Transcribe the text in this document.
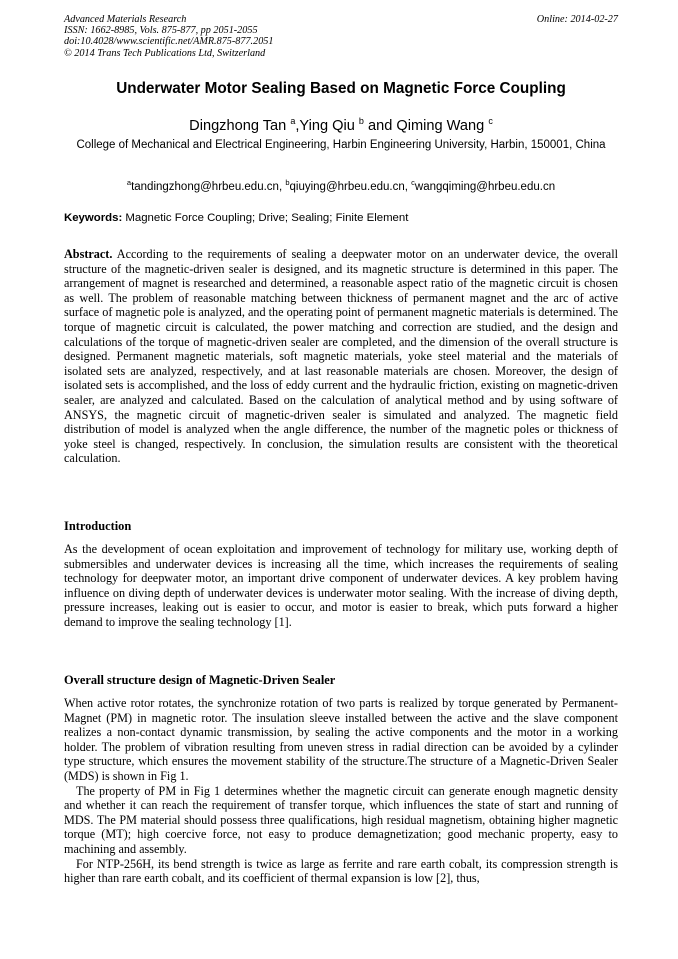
Advanced Materials Research
ISSN: 1662-8985, Vols. 875-877, pp 2051-2055
doi:10.4028/www.scientific.net/AMR.875-877.2051
© 2014 Trans Tech Publications Ltd, Switzerland
Online: 2014-02-27
Underwater Motor Sealing Based on Magnetic Force Coupling
Dingzhong Tan $^a$,Ying Qiu $^b$ and Qiming Wang $^c$
College of Mechanical and Electrical Engineering, Harbin Engineering University, Harbin, 150001, China
$^a$tandingzhong@hrbeu.edu.cn, $^b$qiuying@hrbeu.edu.cn, $^c$wangqiming@hrbeu.edu.cn
Keywords: Magnetic Force Coupling; Drive; Sealing; Finite Element
Abstract. According to the requirements of sealing a deepwater motor on an underwater device, the overall structure of the magnetic-driven sealer is designed, and its magnetic structure is determined in this paper. The arrangement of magnet is researched and determined, a reasonable aspect ratio of the magnetic circuit is chosen as well. The problem of reasonable matching between thickness of permanent magnet and the arc of active surface of magnetic pole is analyzed, and the operating point of permanent magnetic materials is determined. The torque of magnetic circuit is calculated, the power matching and correction are studied, and the design and calculations of the torque of magnetic-driven sealer are completed, and the dimension of the overall structure is designed. Permanent magnetic materials, soft magnetic materials, yoke steel material and the materials of isolated sets are analyzed, respectively, and at last reasonable materials are chosen. Moreover, the design of isolated sets is accomplished, and the loss of eddy current and the hydraulic friction, existing on magnetic-driven sealer, are analyzed and calculated. Based on the calculation of analytical method and by using software of ANSYS, the magnetic circuit of magnetic-driven sealer is simulated and analyzed. The magnetic field distribution of model is analyzed when the angle difference, the number of the magnetic poles or thickness of yoke steel is changed, respectively. In conclusion, the simulation results are consistent with the theoretical calculation.
Introduction
As the development of ocean exploitation and improvement of technology for military use, working depth of submersibles and underwater devices is increasing all the time, which increases the requirements of sealing technology for deepwater motor, an important drive component of underwater devices. A key problem having influence on diving depth of underwater devices is underwater motor sealing. With the increase of diving depth, pressure increases, leaking out is easier to occur, and motor is easier to break, which puts forward a higher demand to improve the sealing technology [1].
Overall structure design of Magnetic-Driven Sealer

When active rotor rotates, the synchronize rotation of two parts is realized by torque generated by Permanent-Magnet (PM) in magnetic rotor. The insulation sleeve installed between the active and the slave component realizes a non-contact dynamic transmission, by sealing the active components and the motor in a working holder. The problem of vibration resulting from uneven stress in radial direction can be avoided by a cylinder type structure, which ensures the movement stability of the structure.The structure of a Magnetic-Driven Sealer (MDS) is shown in Fig 1.

The property of PM in Fig 1 determines whether the magnetic circuit can generate enough magnetic density and whether it can reach the requirement of transfer torque, which influences the state of start and running of MDS. The PM material should possess three qualifications, high residual magnetism, obtaining higher magnetic torque (MT); high coercive force, not easy to produce demagnetization; good mechanic property, easy to machining and assembly.

For NTP-256H, its bend strength is twice as large as ferrite and rare earth cobalt, its compression strength is higher than rare earth cobalt, and its coefficient of thermal expansion is low [2], thus,
